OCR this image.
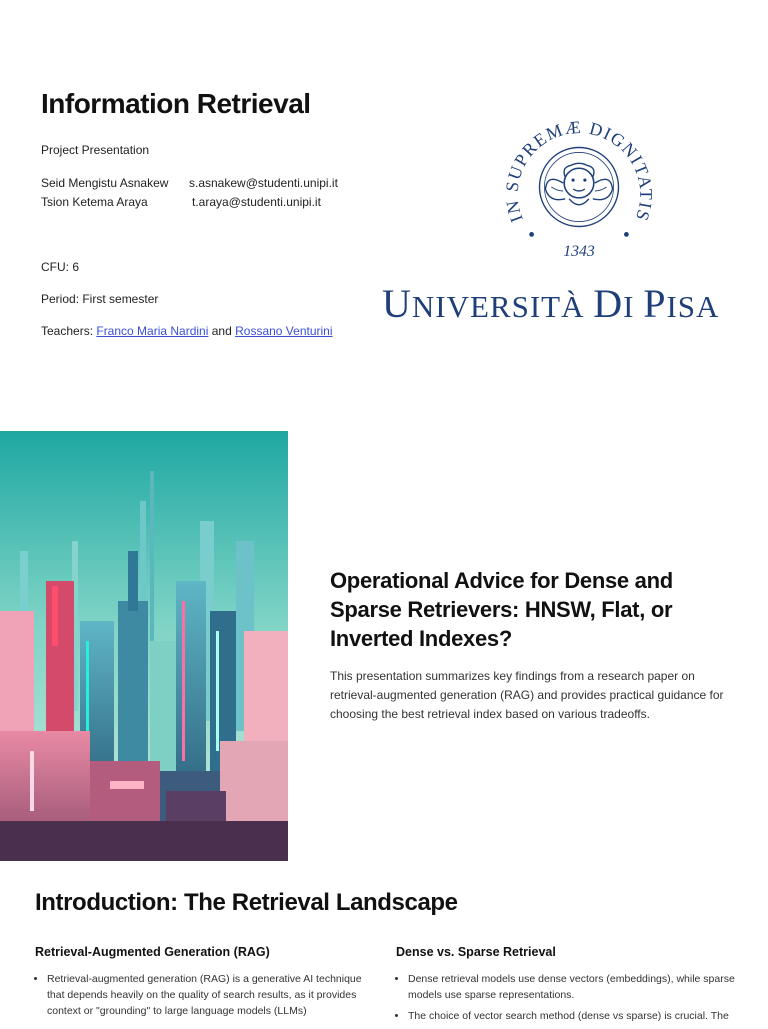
Information Retrieval
Project Presentation
Seid Mengistu Asnakew	s.asnakew@studenti.unipi.it
Tsion Ketema Araya	t.araya@studenti.unipi.it
CFU: 6
Period: First semester
Teachers: Franco Maria Nardini and Rossano Venturini
IN SUPREMÆ DIGNITATIS
1343
UNIVERSITÀ DI PISA
Operational Advice for Dense and Sparse Retrievers: HNSW, Flat, or Inverted Indexes?

This presentation summarizes key findings from a research paper on retrieval-augmented generation (RAG) and provides practical guidance for choosing the best retrieval index based on various tradeoffs.

Introduction: The Retrieval Landscape
Retrieval-Augmented Generation (RAG)
• Retrieval-augmented generation (RAG) is a generative AI technique that depends heavily on the quality of search results, as it provides context or "grounding" to large language models (LLMs)
Dense vs. Sparse Retrieval
• Dense retrieval models use dense vectors (embeddings), while sparse models use sparse representations.
• The choice of vector search method (dense vs sparse) is crucial. The
